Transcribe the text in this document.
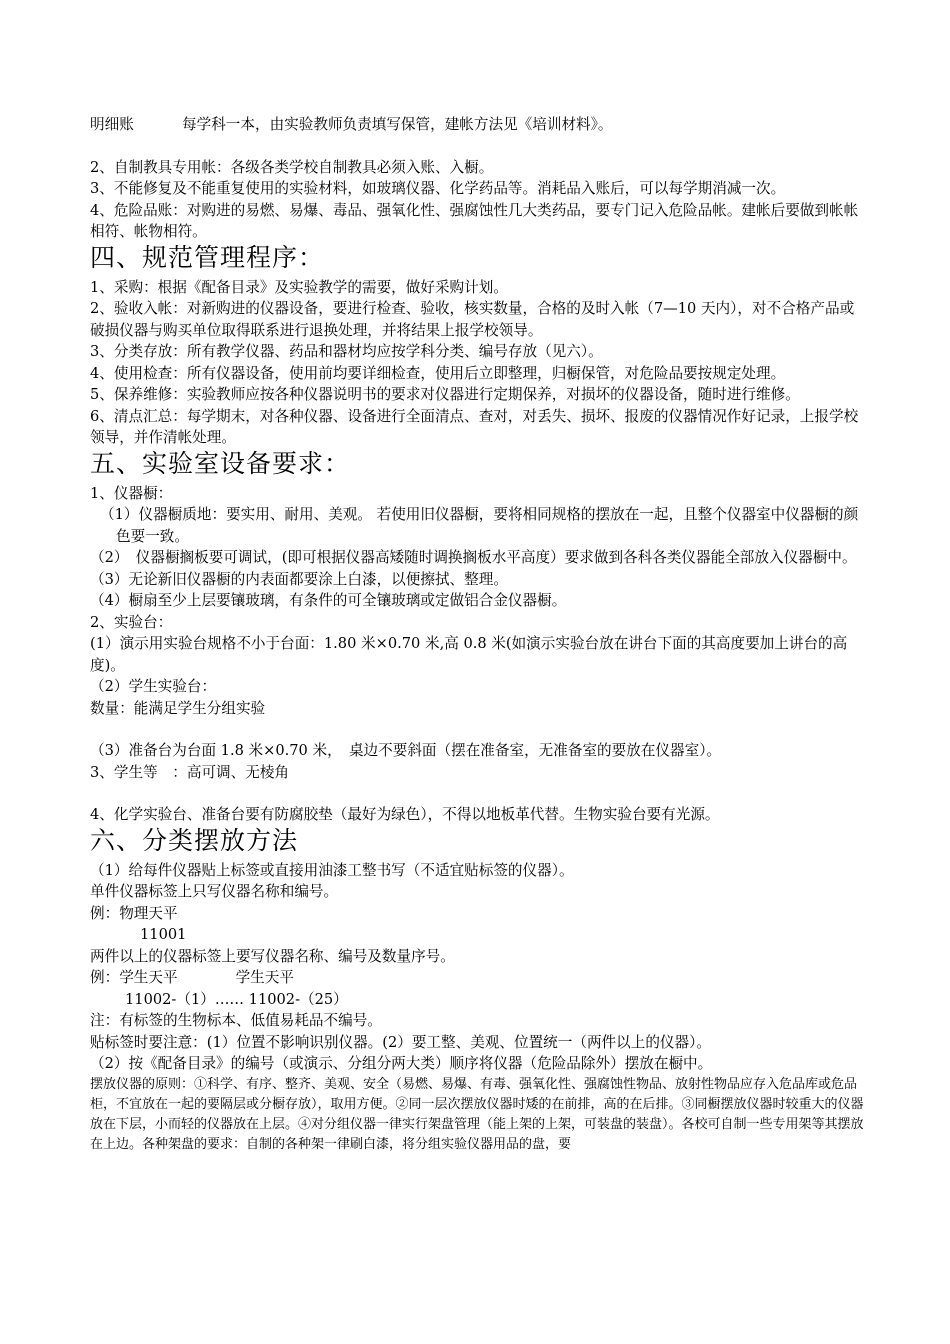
明细账	每学科一本，由实验教师负责填写保管，建帐方法见《培训材料》。

2、自制教具专用帐：各级各类学校自制教具必须入账、入橱。

3、不能修复及不能重复使用的实验材料，如玻璃仪器、化学药品等。消耗品入账后，可以每学期消减一次。

4、危险品账：对购进的易燃、易爆、毒品、强氧化性、强腐蚀性几大类药品，要专门记入危险品帐。建帐后要做到帐帐相符、帐物相符。

四、规范管理程序：

1、采购：根据《配备目录》及实验教学的需要，做好采购计划。

2、验收入帐：对新购进的仪器设备，要进行检查、验收，核实数量，合格的及时入帐（7—10 天内），对不合格产品或破损仪器与购买单位取得联系进行退换处理，并将结果上报学校领导。

3、分类存放：所有教学仪器、药品和器材均应按学科分类、编号存放（见六）。

4、使用检查：所有仪器设备，使用前均要详细检查，使用后立即整理，归橱保管，对危险品要按规定处理。

5、保养维修：实验教师应按各种仪器说明书的要求对仪器进行定期保养，对损坏的仪器设备，随时进行维修。

6、清点汇总：每学期末，对各种仪器、设备进行全面清点、查对，对丢失、损坏、报废的仪器情况作好记录，上报学校领导，并作清帐处理。

五、实验室设备要求：

1、仪器橱：

（1）仪器橱质地：要实用、耐用、美观。 若使用旧仪器橱，要将相同规格的摆放在一起，且整个仪器室中仪器橱的颜色要一致。

（2）　仪器橱搁板要可调试，(即可根据仪器高矮随时调换搁板水平高度）要求做到各科各类仪器能全部放入仪器橱中。

（3）无论新旧仪器橱的内表面都要涂上白漆，以便擦拭、整理。

（4）橱扇至少上层要镶玻璃，有条件的可全镶玻璃或定做铝合金仪器橱。

2、实验台：

(1）演示用实验台规格不小于台面：1.80 米×0.70 米,高 0.8 米(如演示实验台放在讲台下面的其高度要加上讲台的高度)。

（2）学生实验台：

数量：能满足学生分组实验

（3）准备台为台面 1.8 米×0.70 米，　桌边不要斜面（摆在准备室，无准备室的要放在仪器室）。

3、学生等　：高可调、无棱角

4、化学实验台、准备台要有防腐胶垫（最好为绿色），不得以地板革代替。生物实验台要有光源。

六、分类摆放方法

（1）给每件仪器贴上标签或直接用油漆工整书写（不适宜贴标签的仪器）。

单件仪器标签上只写仪器名称和编号。

例：物理天平

11001

两件以上的仪器标签上要写仪器名称、编号及数量序号。

例：学生天平	学生天平

11002-（1）…… 11002-（25）

注：有标签的生物标本、低值易耗品不编号。

贴标签时要注意：(1）位置不影响识别仪器。(2）要工整、美观、位置统一（两件以上的仪器）。

（2）按《配备目录》的编号（或演示、分组分两大类）顺序将仪器（危险品除外）摆放在橱中。

摆放仪器的原则：①科学、有序、整齐、美观、安全（易燃、易爆、有毒、强氧化性、强腐蚀性物品、放射性物品应存入危品库或危品柜，不宜放在一起的要隔层或分橱存放），取用方便。②同一层次摆放仪器时矮的在前排，高的在后排。③同橱摆放仪器时较重大的仪器放在下层，小而轻的仪器放在上层。④对分组仪器一律实行架盘管理（能上架的上架，可装盘的装盘）。各校可自制一些专用架等其摆放在上边。各种架盘的要求：自制的各种架一律刷白漆，将分组实验仪器用品的盘，要
